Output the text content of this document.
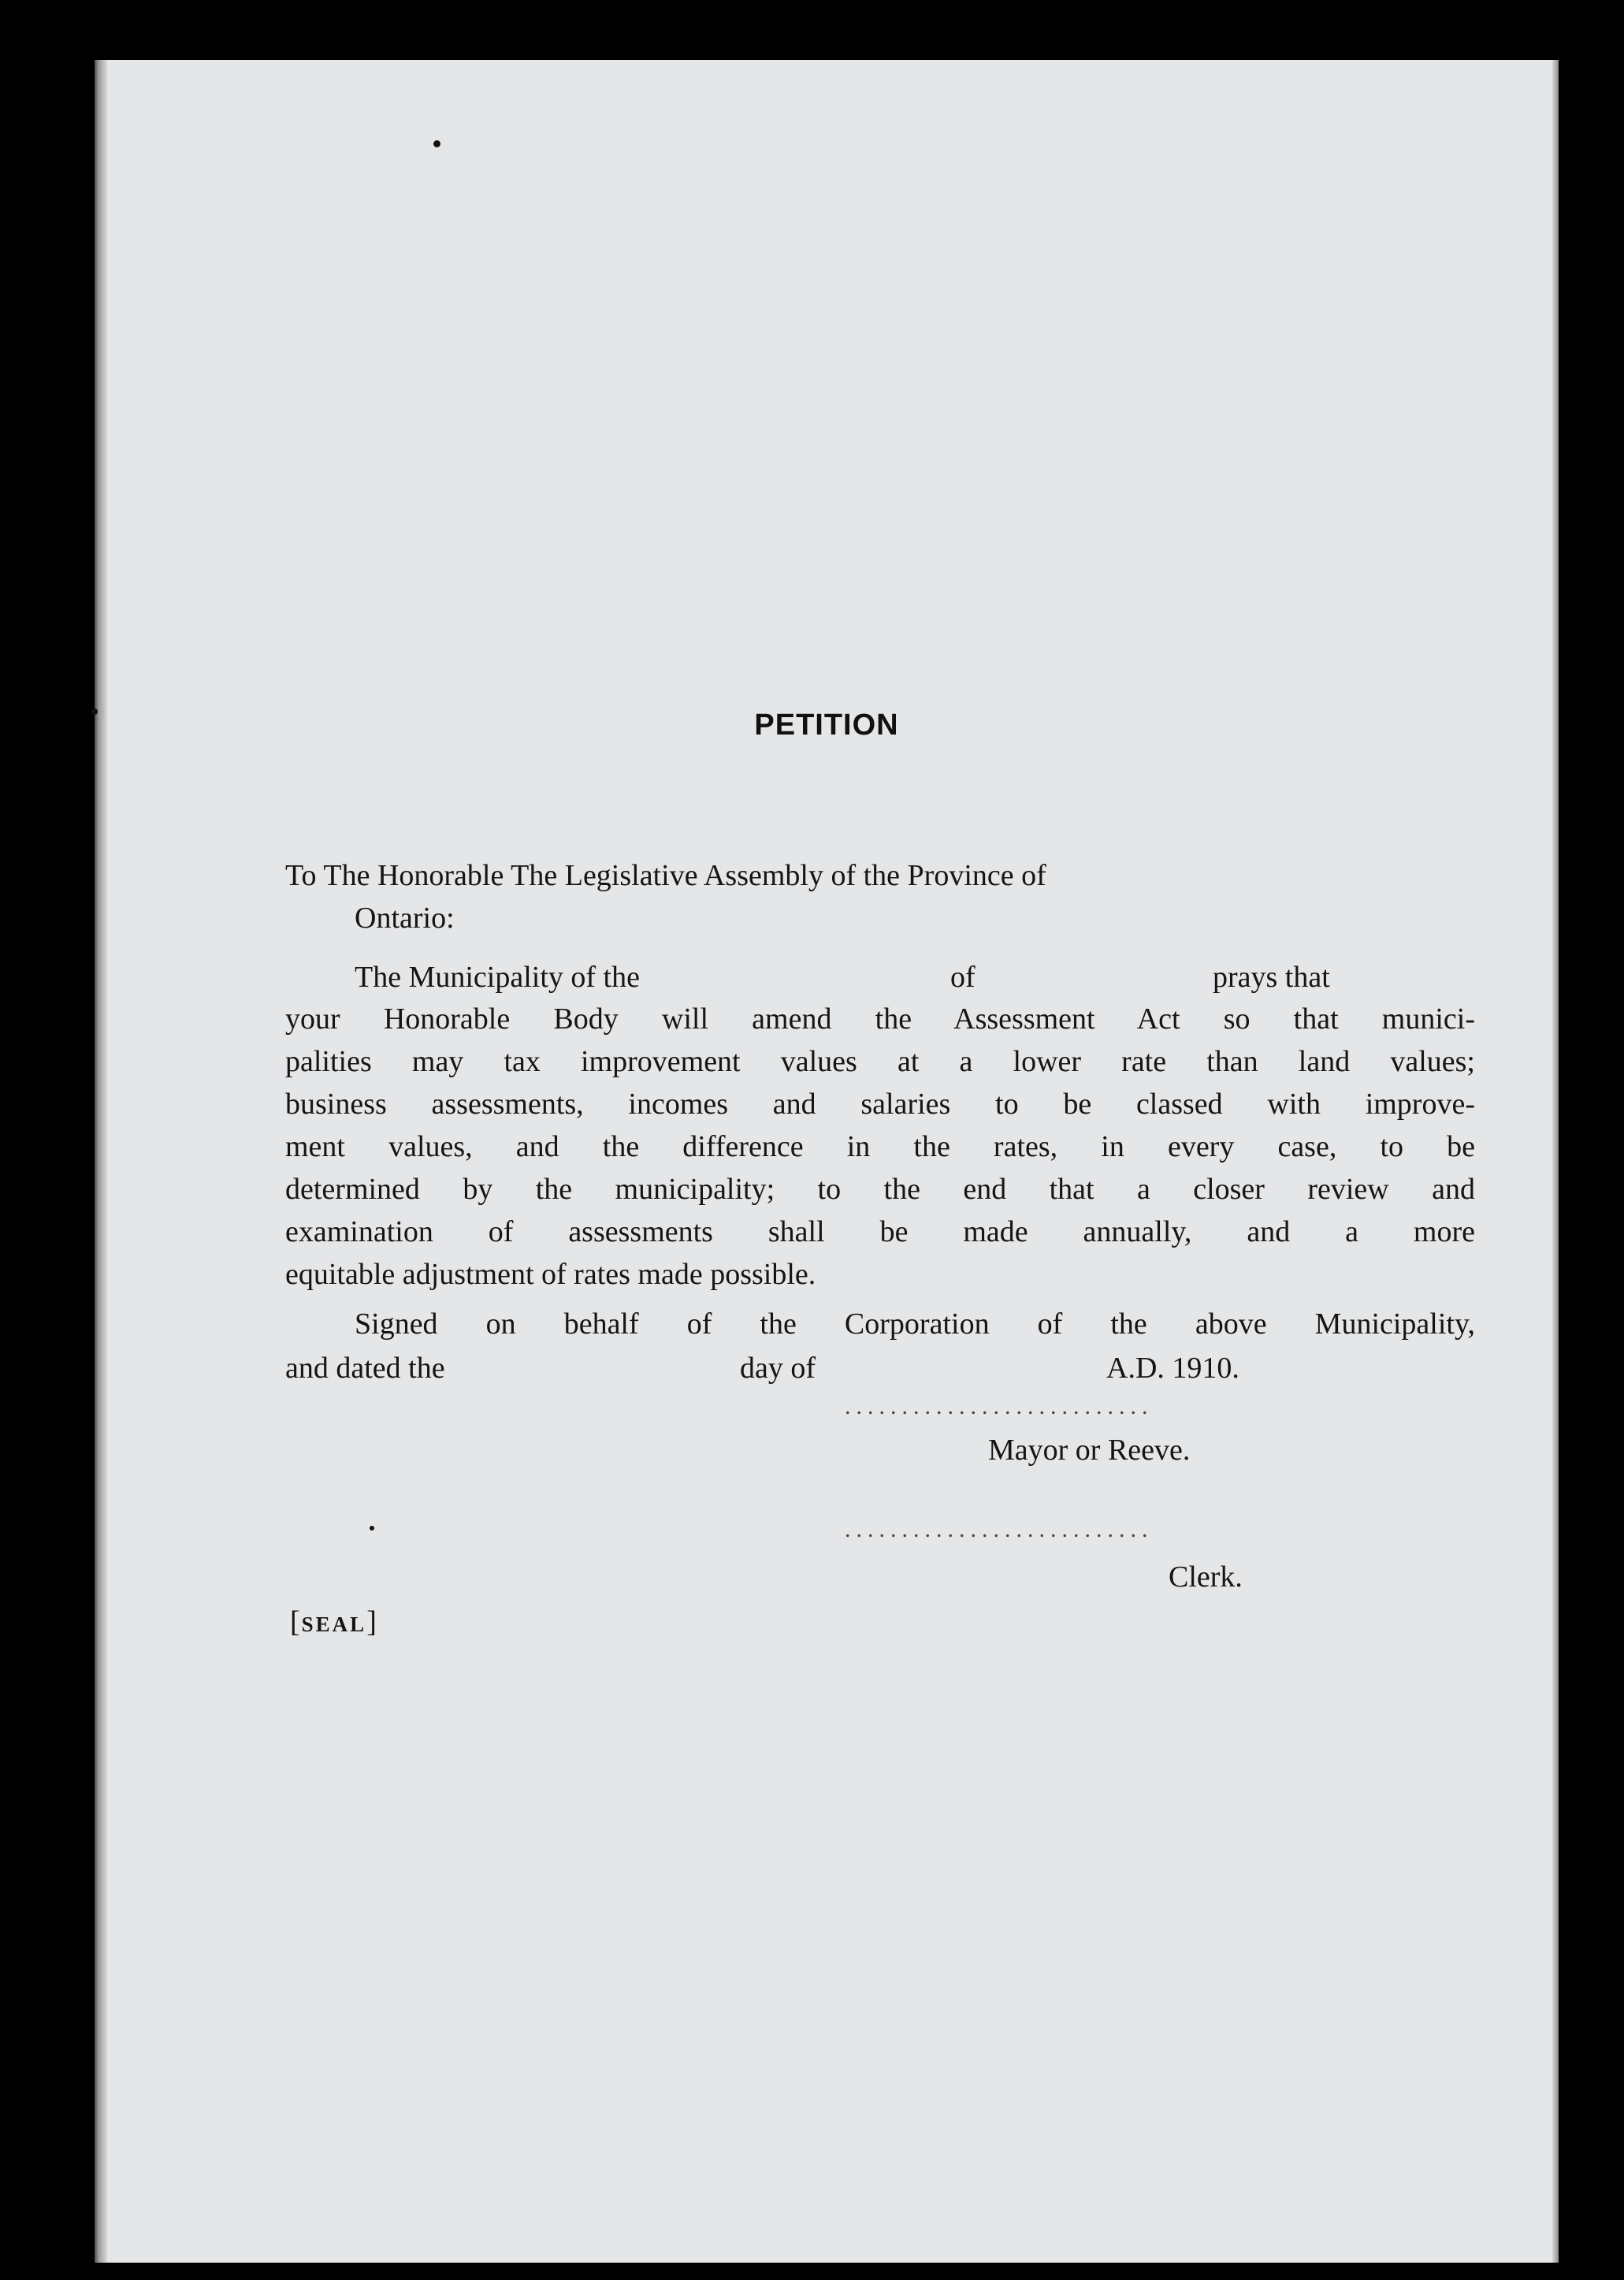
PETITION
To The Honorable The Legislative Assembly of the Province of
Ontario:
The Municipality of the	of	prays that
your Honorable Body will amend the Assessment Act so that munici-
palities may tax improvement values at a lower rate than land values;
business assessments, incomes and salaries to be classed with improve-
ment values, and the difference in the rates, in every case, to be
determined by the municipality; to the end that a closer review and
examination of assessments shall be made annually, and a more
equitable adjustment of rates made possible.
Signed on behalf of the Corporation of the above Municipality,
and dated the	day of	A.D. 1910.
...........................
Mayor or Reeve.
...........................
Clerk.
[SEAL]
